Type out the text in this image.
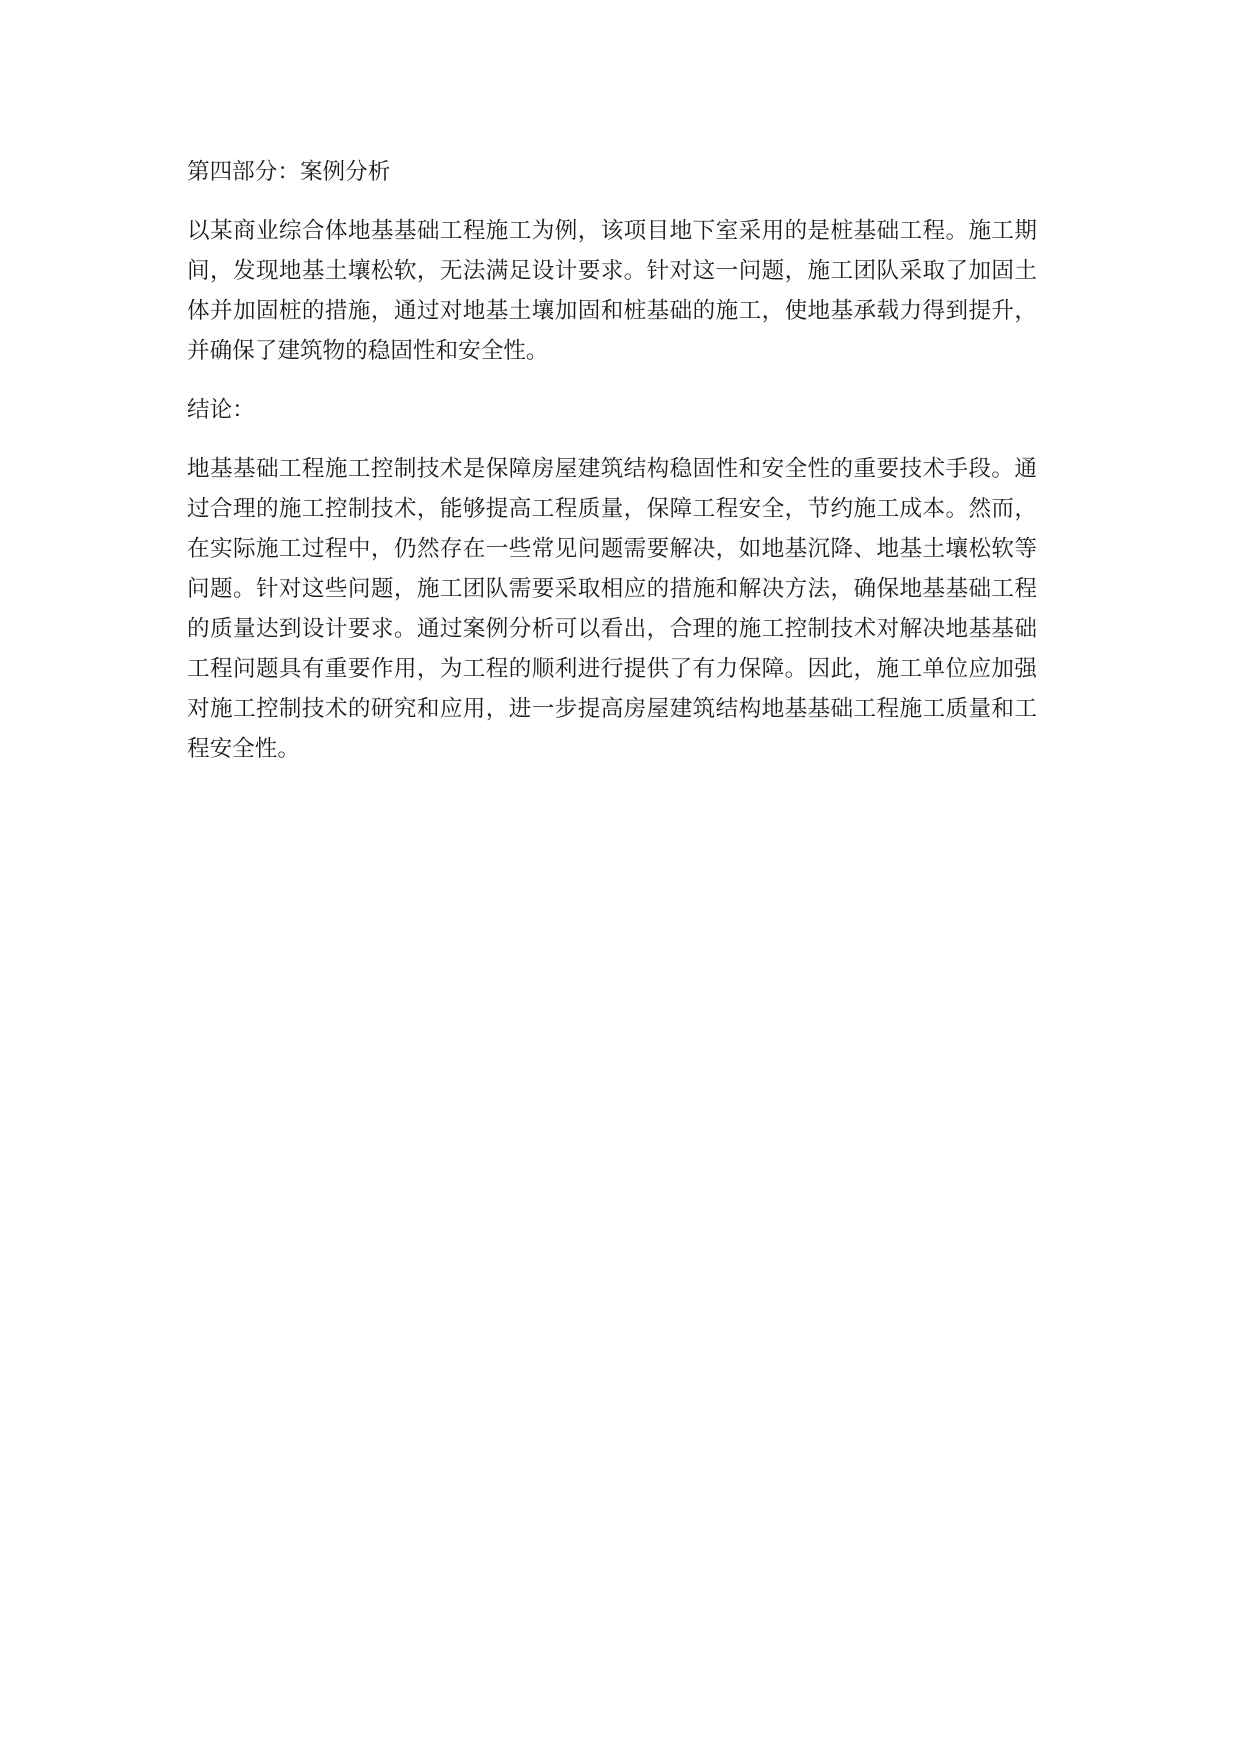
第四部分：案例分析

以某商业综合体地基基础工程施工为例，该项目地下室采用的是桩基础工程。施工期间，发现地基土壤松软，无法满足设计要求。针对这一问题，施工团队采取了加固土体并加固桩的措施，通过对地基土壤加固和桩基础的施工，使地基承载力得到提升，并确保了建筑物的稳固性和安全性。

结论：

地基基础工程施工控制技术是保障房屋建筑结构稳固性和安全性的重要技术手段。通过合理的施工控制技术，能够提高工程质量，保障工程安全，节约施工成本。然而，在实际施工过程中，仍然存在一些常见问题需要解决，如地基沉降、地基土壤松软等问题。针对这些问题，施工团队需要采取相应的措施和解决方法，确保地基基础工程的质量达到设计要求。通过案例分析可以看出，合理的施工控制技术对解决地基基础工程问题具有重要作用，为工程的顺利进行提供了有力保障。因此，施工单位应加强对施工控制技术的研究和应用，进一步提高房屋建筑结构地基基础工程施工质量和工程安全性。
